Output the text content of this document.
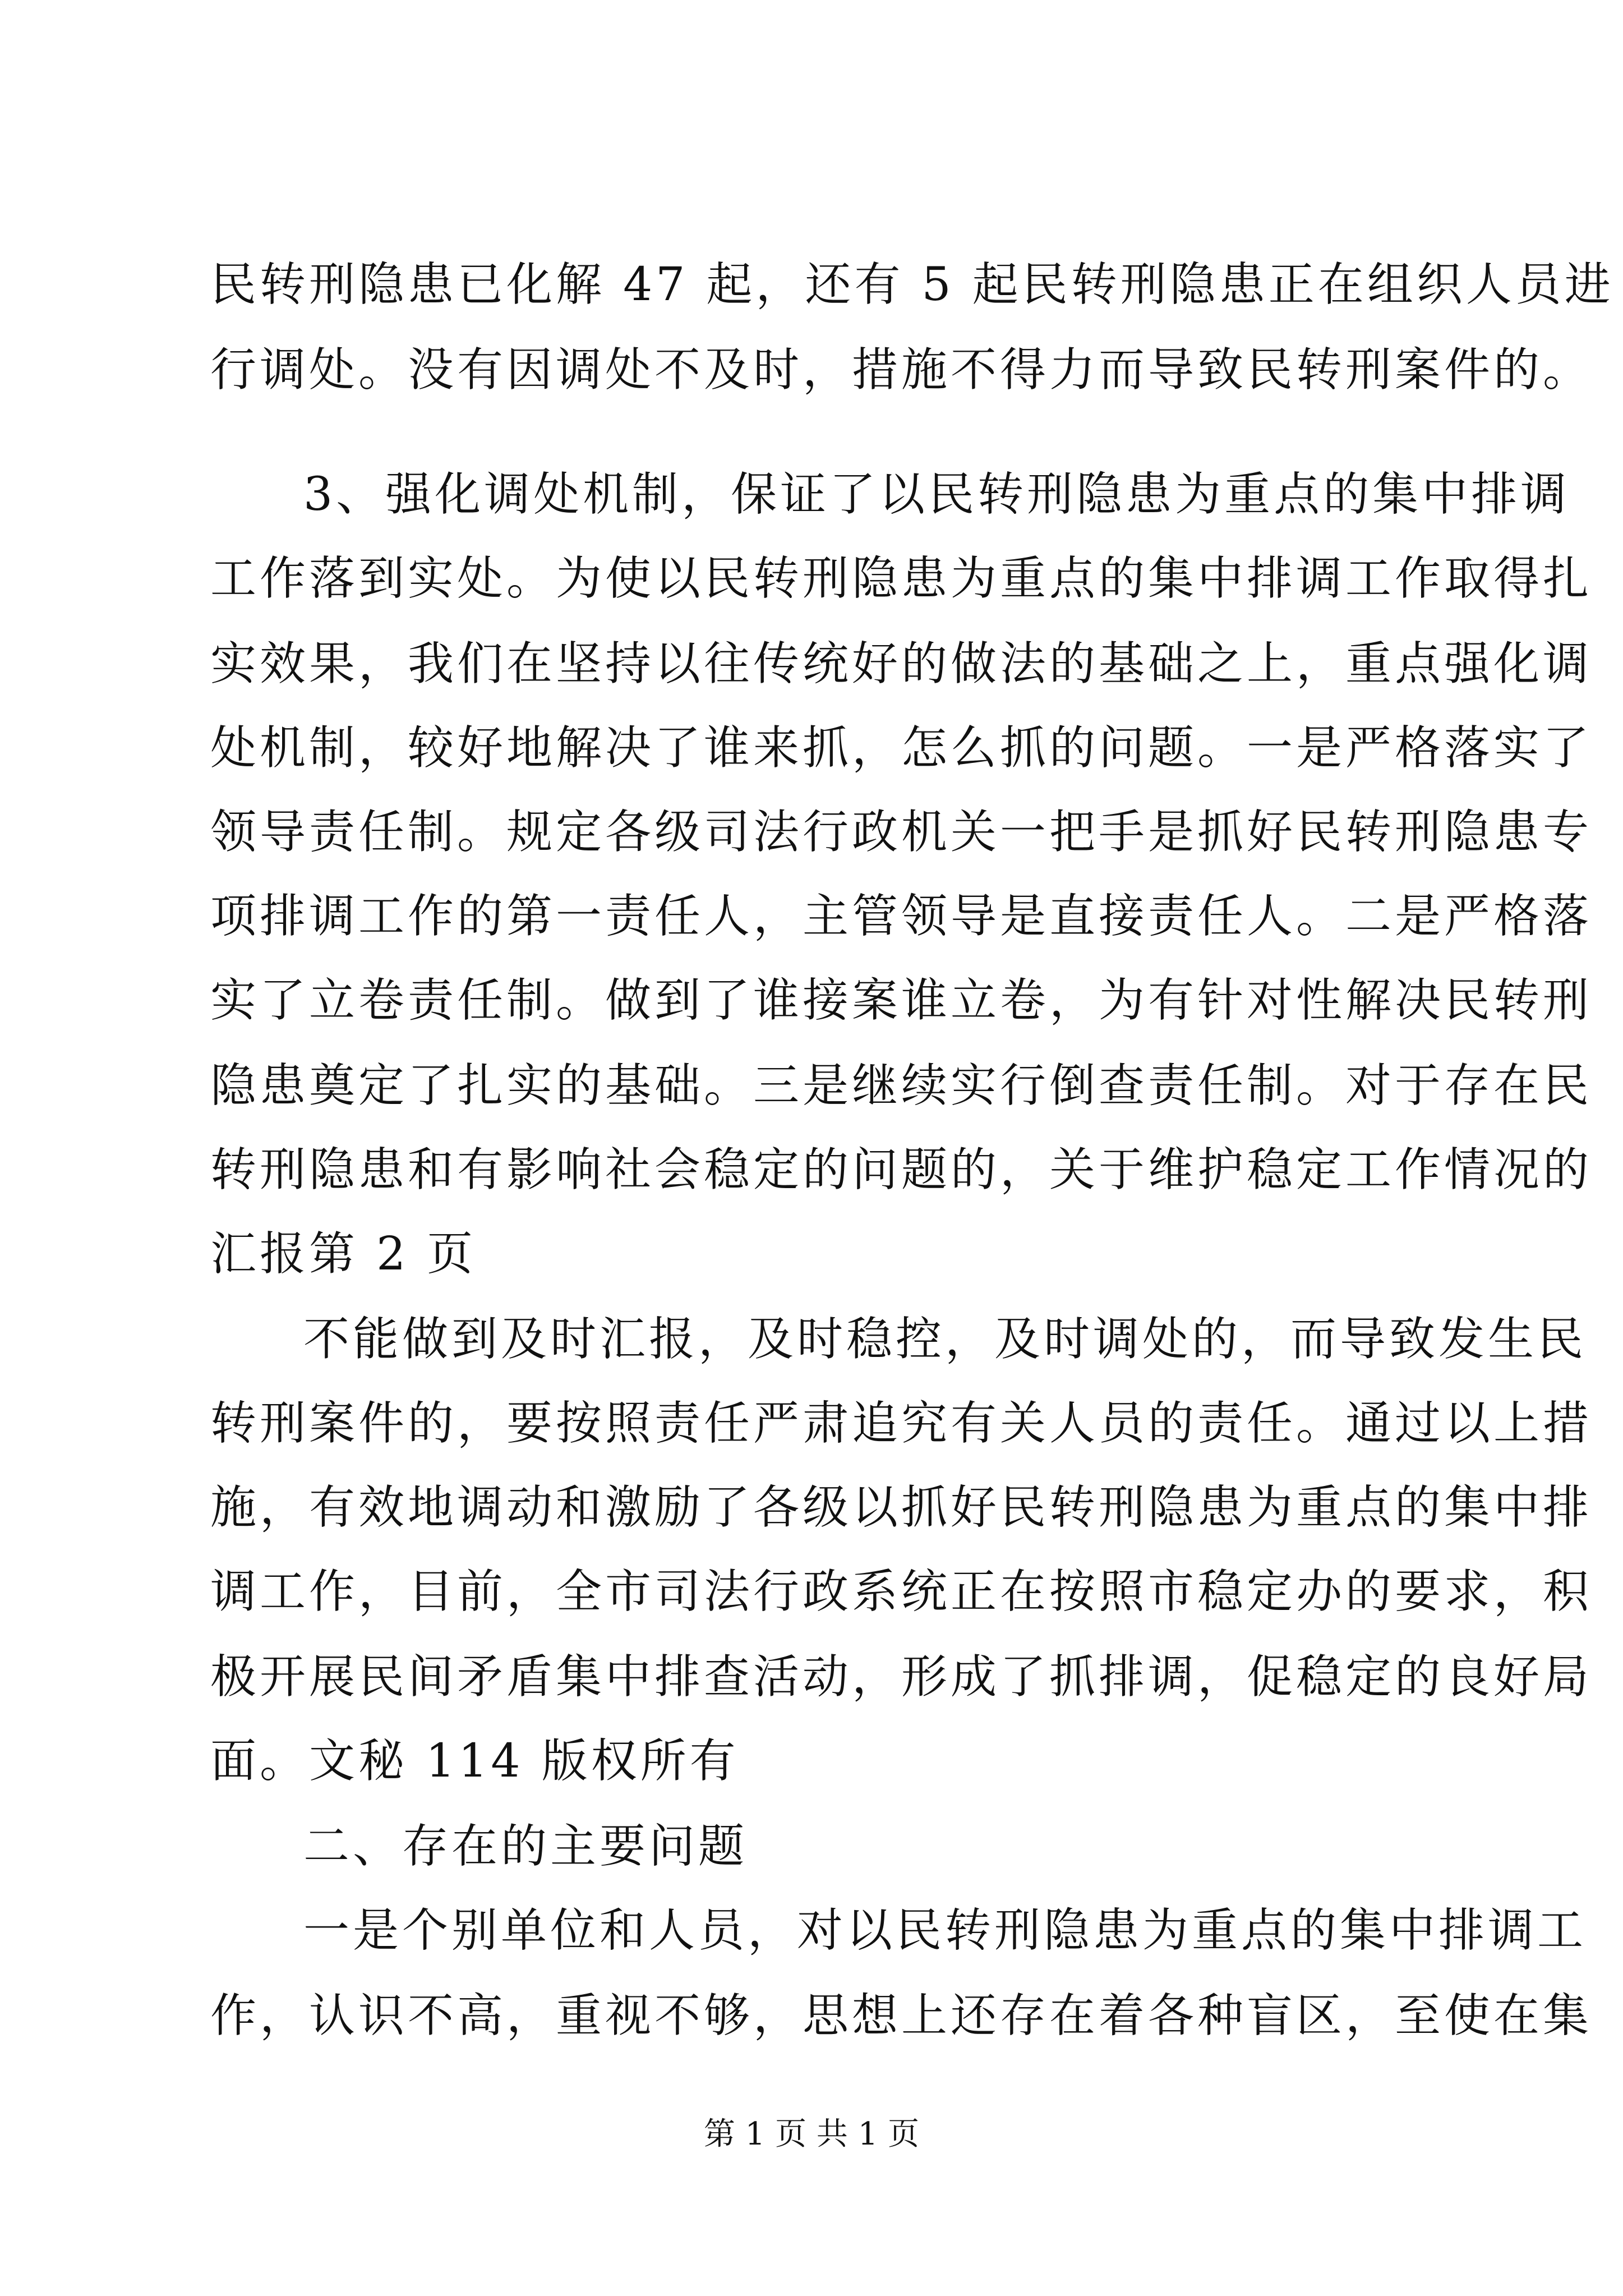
民转刑隐患已化解 47 起，还有 5 起民转刑隐患正在组织人员进
行调处。没有因调处不及时，措施不得力而导致民转刑案件的。
3、强化调处机制，保证了以民转刑隐患为重点的集中排调
工作落到实处。为使以民转刑隐患为重点的集中排调工作取得扎
实效果，我们在坚持以往传统好的做法的基础之上，重点强化调
处机制，较好地解决了谁来抓，怎么抓的问题。一是严格落实了
领导责任制。规定各级司法行政机关一把手是抓好民转刑隐患专
项排调工作的第一责任人，主管领导是直接责任人。二是严格落
实了立卷责任制。做到了谁接案谁立卷，为有针对性解决民转刑
隐患奠定了扎实的基础。三是继续实行倒查责任制。对于存在民
转刑隐患和有影响社会稳定的问题的，关于维护稳定工作情况的
汇报第 2 页
不能做到及时汇报，及时稳控，及时调处的，而导致发生民
转刑案件的，要按照责任严肃追究有关人员的责任。通过以上措
施，有效地调动和激励了各级以抓好民转刑隐患为重点的集中排
调工作，目前，全市司法行政系统正在按照市稳定办的要求，积
极开展民间矛盾集中排查活动，形成了抓排调，促稳定的良好局
面。文秘 114 版权所有
二、存在的主要问题
一是个别单位和人员，对以民转刑隐患为重点的集中排调工
作，认识不高，重视不够，思想上还存在着各种盲区，至使在集
第 1 页 共 1 页
